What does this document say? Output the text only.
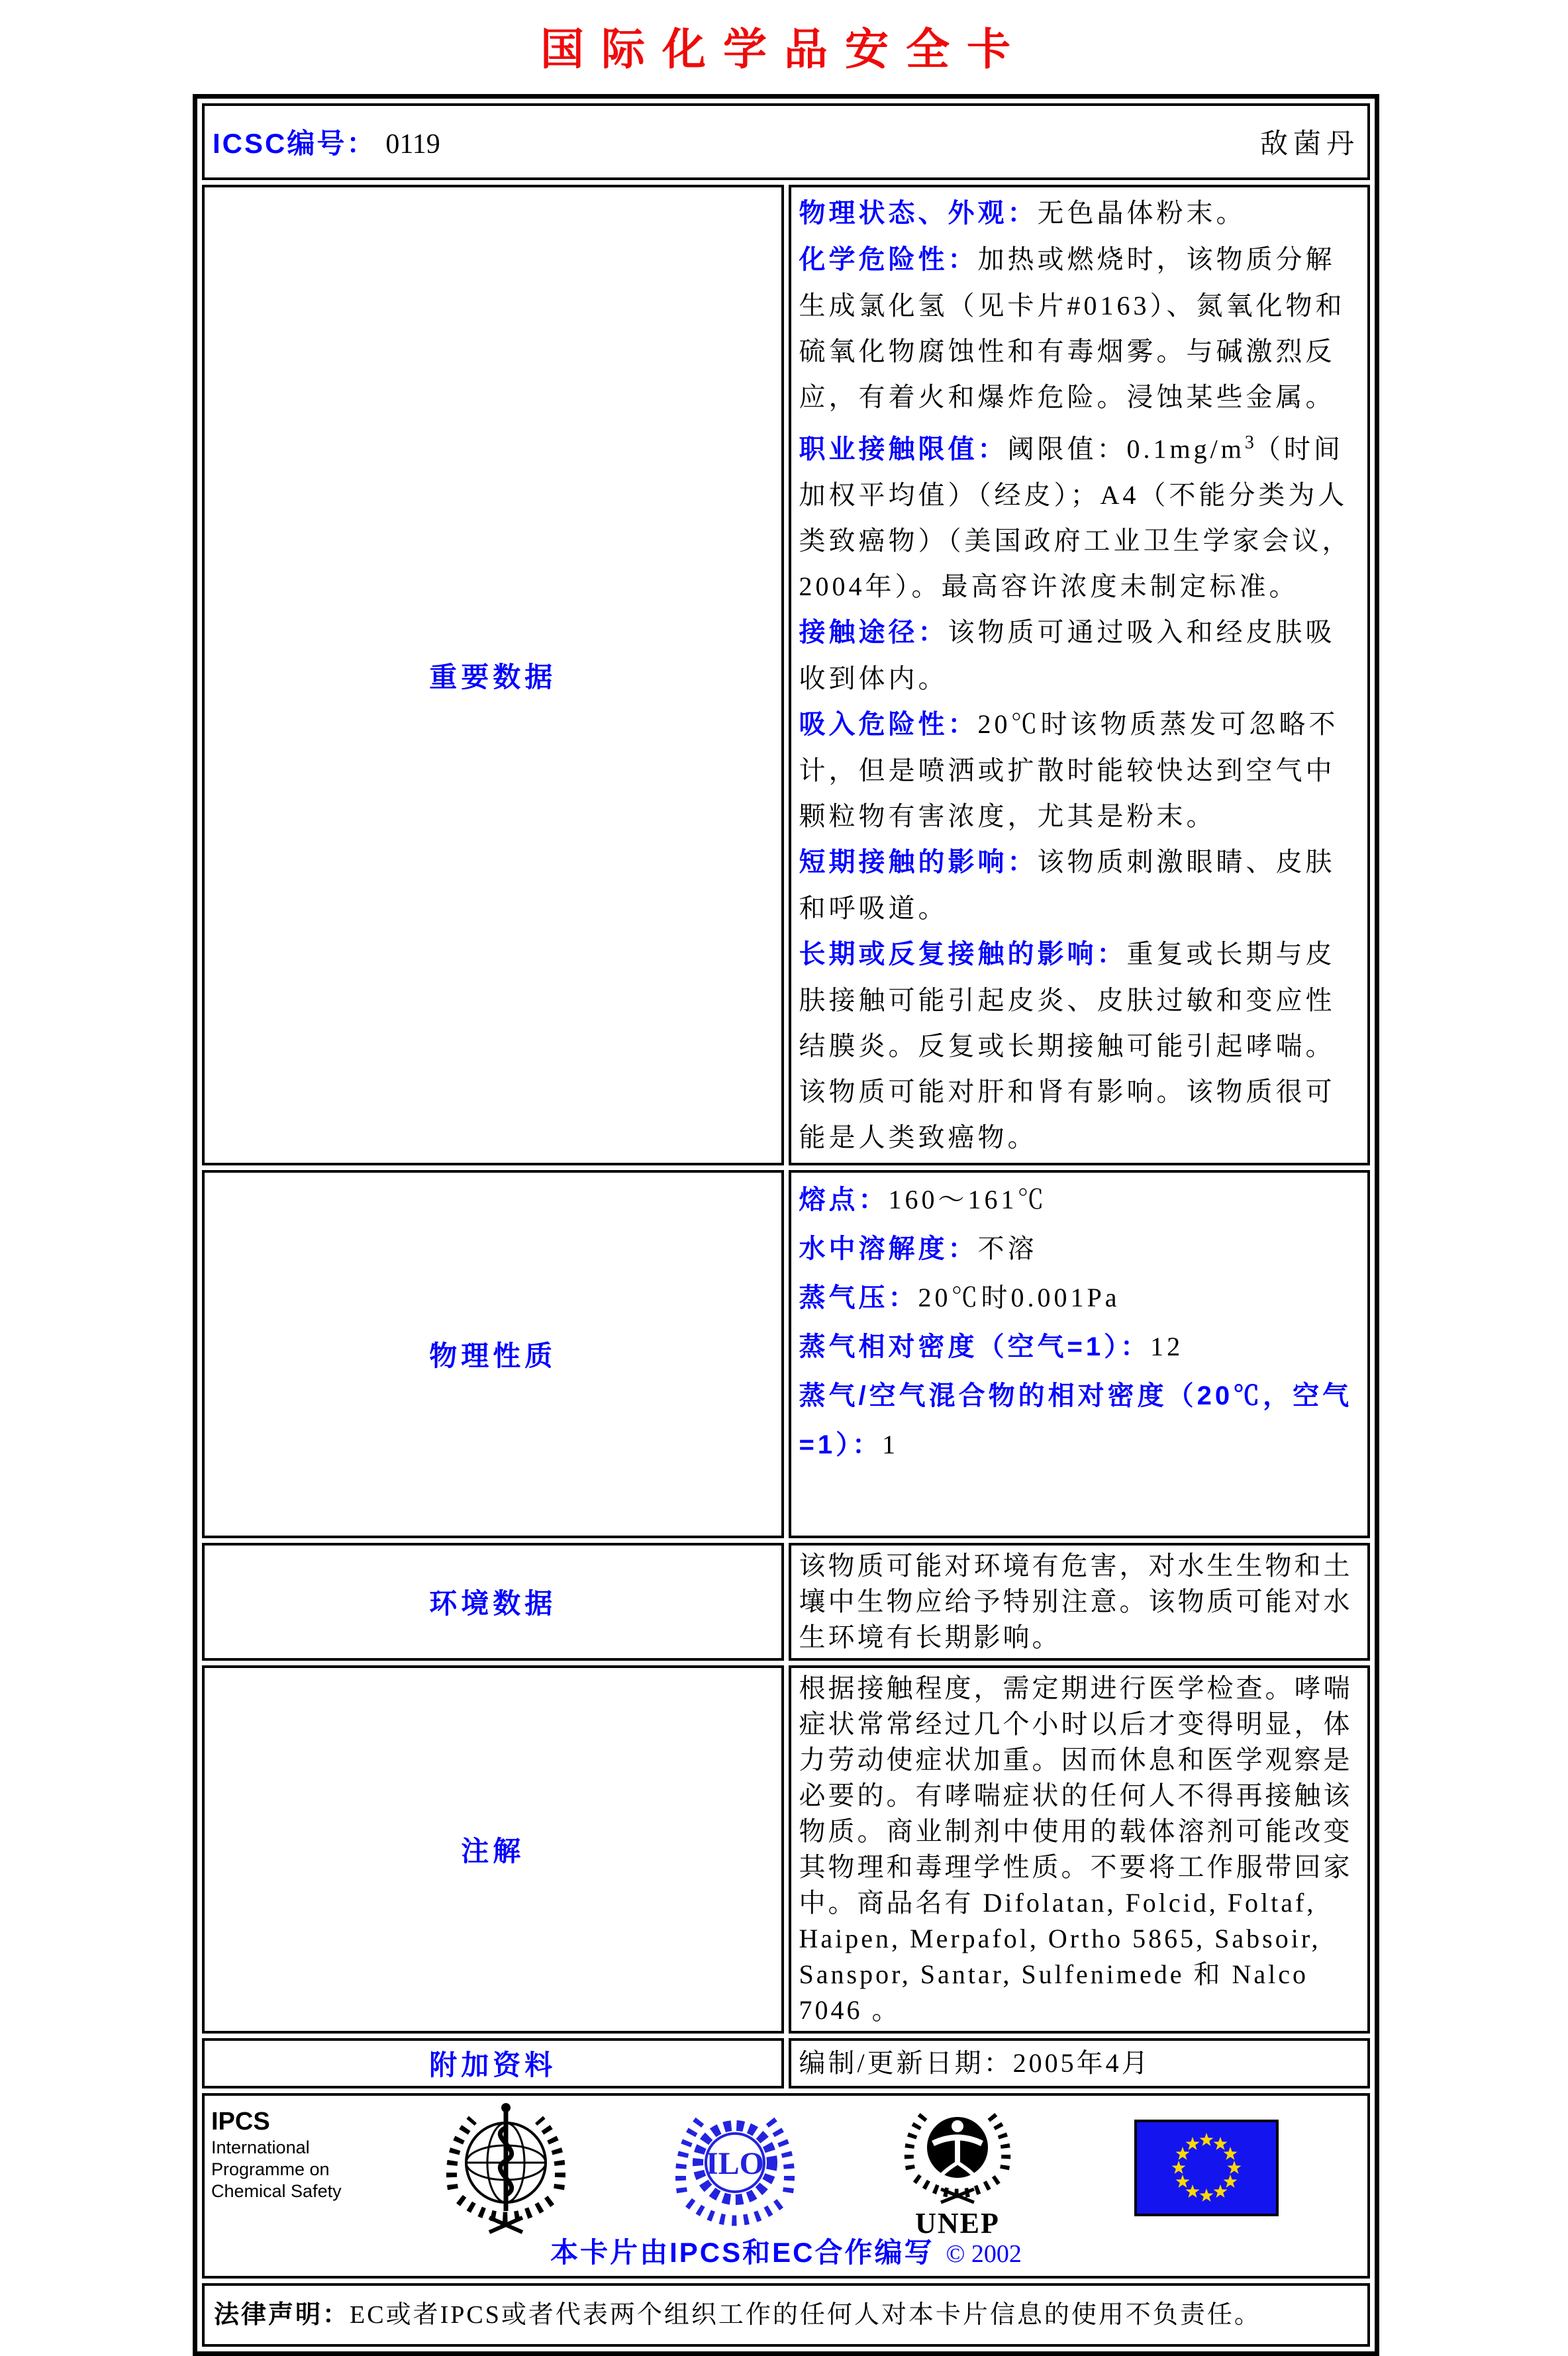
国际化学品安全卡
ICSC编号： 0119 敌菌丹	

重要数据	
物理状态、外观：无色晶体粉末。
化学危险性：加热或燃烧时，该物质分解生成氯化氢（见卡片#0163）、氮氧化物和硫氧化物腐蚀性和有毒烟雾。与碱激烈反应，有着火和爆炸危险。浸蚀某些金属。
职业接触限值：阈限值：$0.1mg/m^3$（时间加权平均值）（经皮）；A4（不能分类为人类致癌物）（美国政府工业卫生学家会议，2004年）。最高容许浓度未制定标准。
接触途径：该物质可通过吸入和经皮肤吸收到体内。
吸入危险性：20℃时该物质蒸发可忽略不计，但是喷洒或扩散时能较快达到空气中颗粒物有害浓度，尤其是粉末。
短期接触的影响：该物质刺激眼睛、皮肤和呼吸道。
长期或反复接触的影响：重复或长期与皮肤接触可能引起皮炎、皮肤过敏和变应性结膜炎。反复或长期接触可能引起哮喘。该物质可能对肝和肾有影响。该物质很可能是人类致癌物。

物理性质	熔点：160～161℃
水中溶解度：不溶
蒸气压：20℃时0.001Pa
蒸气相对密度（空气=1）：12
蒸气/空气混合物的相对密度（20℃，空气=1）：1

环境数据	该物质可能对环境有危害，对水生生物和土壤中生物应给予特别注意。该物质可能对水生环境有长期影响。

注解	根据接触程度，需定期进行医学检查。哮喘症状常常经过几个小时以后才变得明显，体力劳动使症状加重。因而休息和医学观察是必要的。有哮喘症状的任何人不得再接触该物质。商业制剂中使用的载体溶剂可能改变其物理和毒理学性质。不要将工作服带回家中。商品名有 Difolatan, Folcid, Foltaf, Haipen, Merpafol, Ortho 5865, Sabsoir, Sanspor, Santar, Sulfenimede 和 Nalco 7046 。

附加资料	编制/更新日期：2005年4月

IPCS
International
Programme on
Chemical Safety
ILO
UNEP
本卡片由IPCS和EC合作编写 © 2002

法律声明：EC或者IPCS或者代表两个组织工作的任何人对本卡片信息的使用不负责任。	
